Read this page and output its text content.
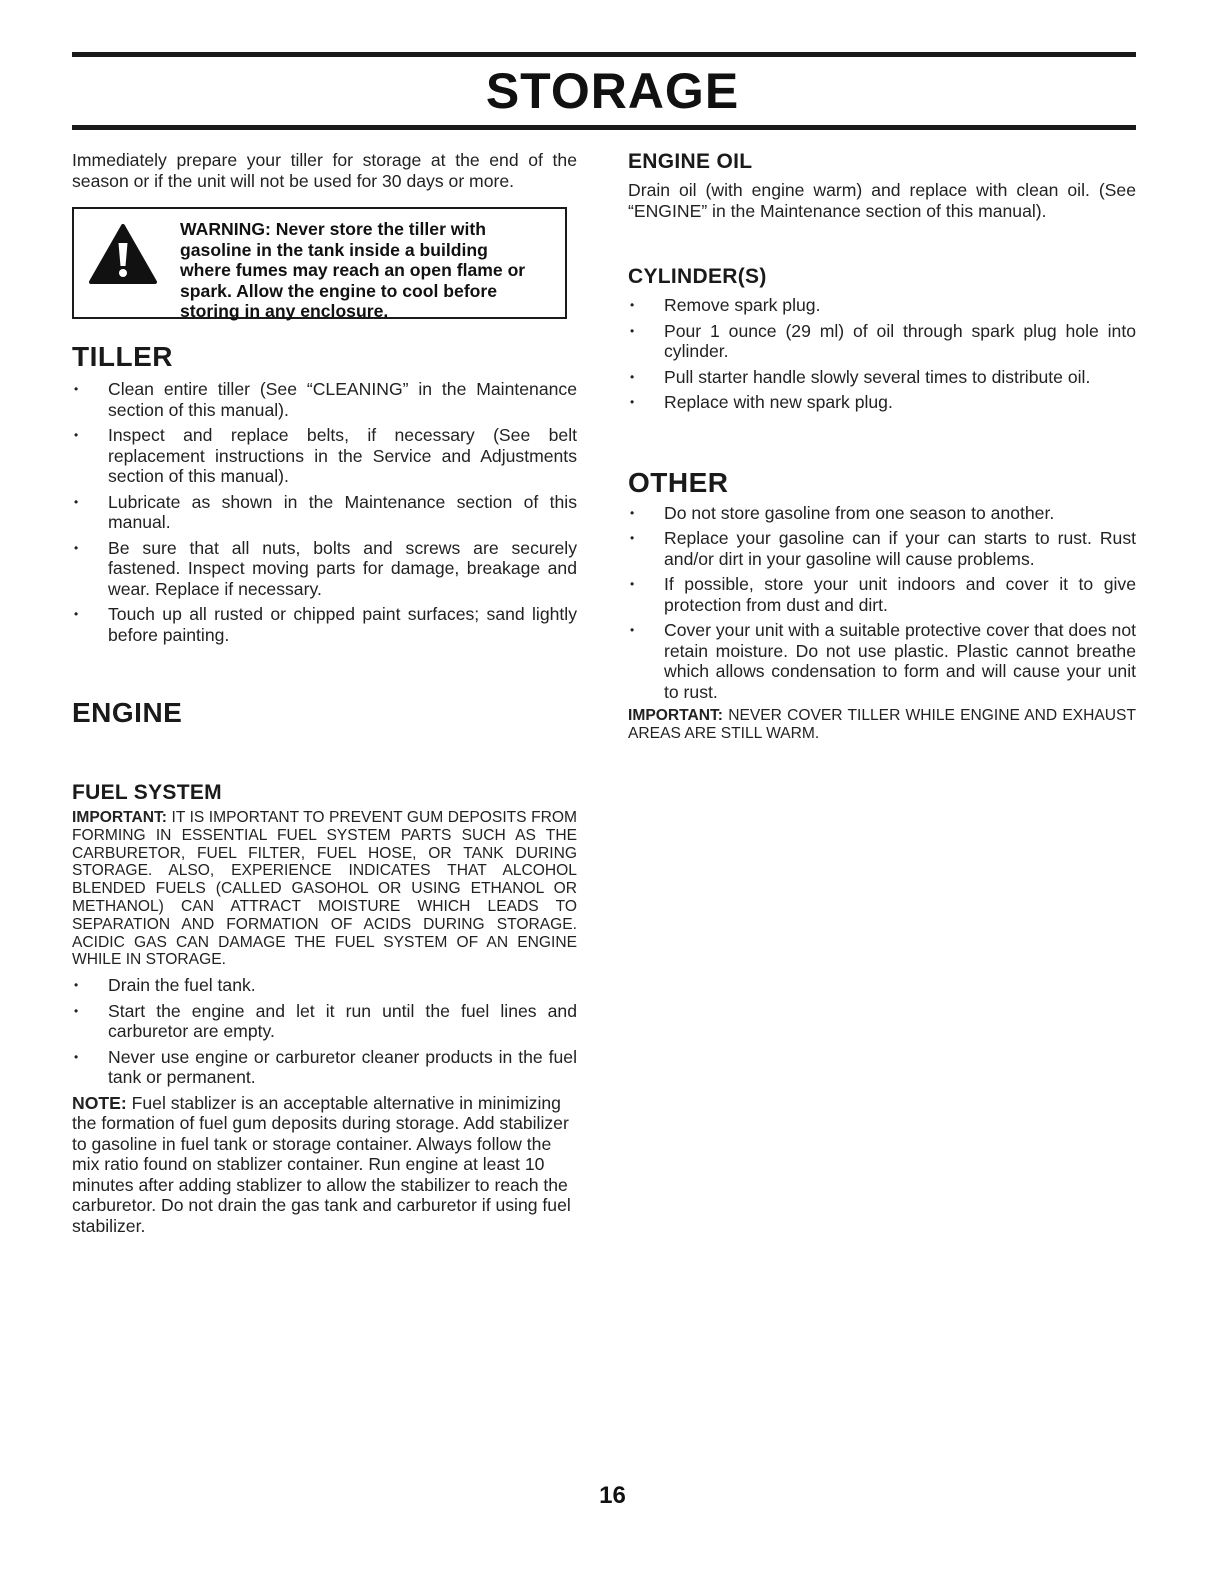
STORAGE

Immediately prepare your tiller for storage at the end of the season or if the unit will not be used for 30 days or more.

WARNING: Never store the tiller with gasoline in the tank inside a building where fumes may reach an open flame or spark. Allow the engine to cool before storing in any enclosure.
TILLER
• Clean entire tiller (See “CLEANING” in the Maintenance section of this manual).
• Inspect and replace belts, if necessary (See belt replacement instructions in the Service and Adjustments section of this manual).
• Lubricate as shown in the Maintenance section of this manual.
• Be sure that all nuts, bolts and screws are securely fastened. Inspect moving parts for damage, breakage and wear. Replace if necessary.
• Touch up all rusted or chipped paint surfaces; sand lightly before painting.
ENGINE
FUEL SYSTEM

IMPORTANT: IT IS IMPORTANT TO PREVENT GUM DEPOSITS FROM FORMING IN ESSENTIAL FUEL SYSTEM PARTS SUCH AS THE CARBURETOR, FUEL FILTER, FUEL HOSE, OR TANK DURING STORAGE. ALSO, EXPERIENCE INDICATES THAT ALCOHOL BLENDED FUELS (CALLED GASOHOL OR USING ETHANOL OR METHANOL) CAN ATTRACT MOISTURE WHICH LEADS TO SEPARATION AND FORMATION OF ACIDS DURING STORAGE. ACIDIC GAS CAN DAMAGE THE FUEL SYSTEM OF AN ENGINE WHILE IN STORAGE.

• Drain the fuel tank.
• Start the engine and let it run until the fuel lines and carburetor are empty.
• Never use engine or carburetor cleaner products in the fuel tank or permanent.

NOTE: Fuel stablizer is an acceptable alternative in minimizing the formation of fuel gum deposits during storage. Add stabilizer to gasoline in fuel tank or storage container. Always follow the mix ratio found on stablizer container. Run engine at least 10 minutes after adding stablizer to allow the stabilizer to reach the carburetor. Do not drain the gas tank and carburetor if using fuel stabilizer.

ENGINE OIL

Drain oil (with engine warm) and replace with clean oil. (See “ENGINE” in the Maintenance section of this manual).

CYLINDER(S)
• Remove spark plug.
• Pour 1 ounce (29 ml) of oil through spark plug hole into cylinder.
• Pull starter handle slowly several times to distribute oil.
• Replace with new spark plug.
OTHER
• Do not store gasoline from one season to another.
• Replace your gasoline can if your can starts to rust. Rust and/or dirt in your gasoline will cause problems.
• If possible, store your unit indoors and cover it to give protection from dust and dirt.
• Cover your unit with a suitable protective cover that does not retain moisture. Do not use plastic. Plastic cannot breathe which allows condensation to form and will cause your unit to rust.

IMPORTANT: NEVER COVER TILLER WHILE ENGINE AND EXHAUST AREAS ARE STILL WARM.

16
